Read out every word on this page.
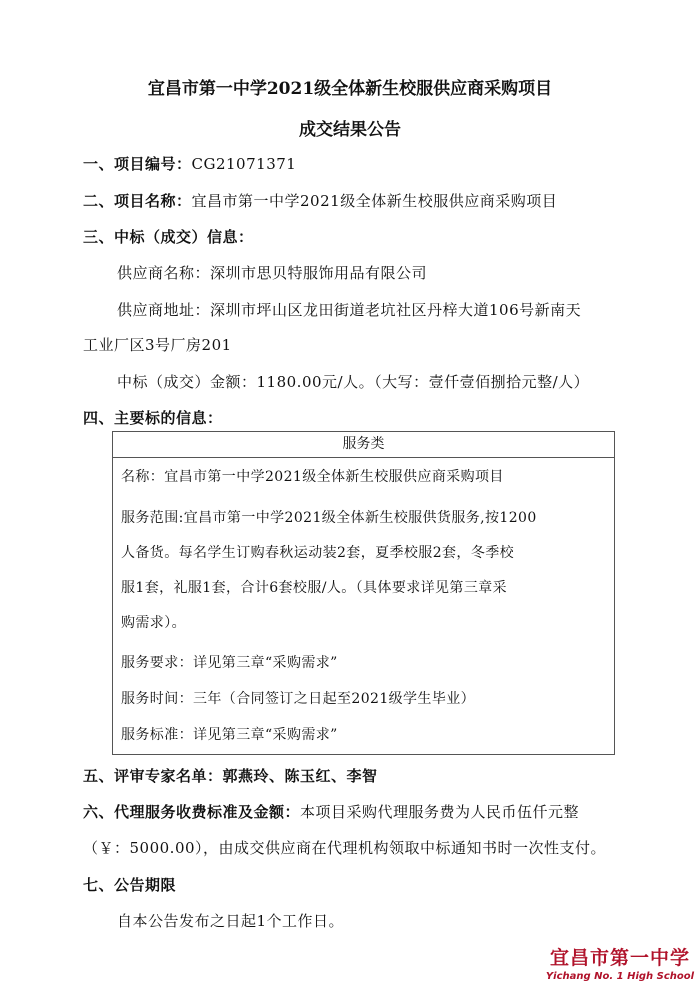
宜昌市第一中学2021级全体新生校服供应商采购项目
成交结果公告
一、项目编号：CG21071371
二、项目名称：宜昌市第一中学2021级全体新生校服供应商采购项目
三、中标（成交）信息：
供应商名称：深圳市思贝特服饰用品有限公司
供应商地址：深圳市坪山区龙田街道老坑社区丹梓大道106号新南天
工业厂区3号厂房201
中标（成交）金额：1180.00元/人。（大写：壹仟壹佰捌拾元整/人）
四、主要标的信息：
服务类
名称：宜昌市第一中学2021级全体新生校服供应商采购项目
服务范围:宜昌市第一中学2021级全体新生校服供货服务,按1200
人备货。每名学生订购春秋运动装2套，夏季校服2套，冬季校
服1套，礼服1套，合计6套校服/人。（具体要求详见第三章采
购需求）。
服务要求：详见第三章“采购需求”
服务时间：三年（合同签订之日起至2021级学生毕业）
服务标准：详见第三章“采购需求”
五、评审专家名单：郭燕玲、陈玉红、李智
六、代理服务收费标准及金额：本项目采购代理服务费为人民币伍仟元整
（￥：5000.00），由成交供应商在代理机构领取中标通知书时一次性支付。
七、公告期限
自本公告发布之日起1个工作日。
宜昌市第一中学
Yichang No. 1 High School
